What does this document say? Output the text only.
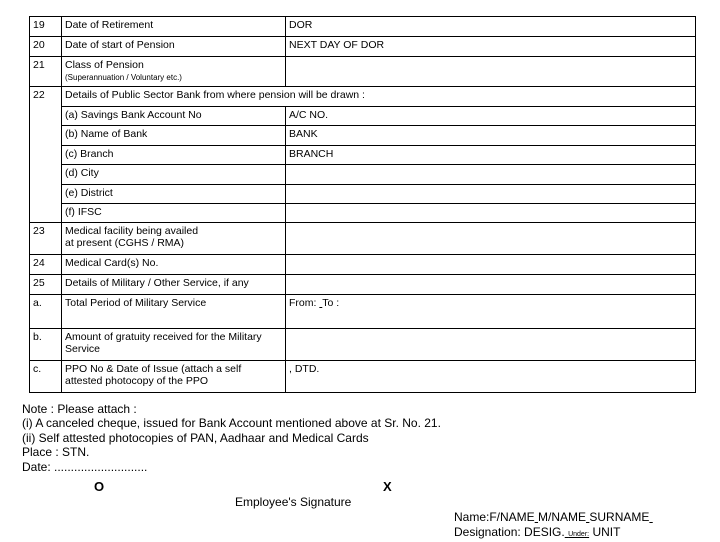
19	Date of Retirement	DOR
20	Date of start of Pension	NEXT DAY OF DOR
21	Class of Pension
(Superannuation / Voluntary etc.)	

22	Details of Public Sector Bank from where pension will be drawn :	
	(a) Savings Bank Account No	A/C NO.
	(b) Name of Bank	BANK
	(c) Branch	BRANCH
	(d) City	
	(e) District	
	(f) IFSC	
23	Medical facility being availed
at present (CGHS / RMA)	

24	Medical Card(s) No.	
25	Details of Military / Other Service, if any	
a.	Total Period of Military Service	From:  To :
b.	Amount of gratuity received for the Military
Service	

c.	PPO No & Date of Issue (attach a self
attested photocopy of the PPO	, DTD.
Note : Please attach :
(i) A canceled cheque, issued for Bank Account mentioned above at Sr. No. 21.
(ii) Self attested photocopies of PAN, Aadhaar and Medical Cards
Place : STN.
Date: ............................
O	X
Employee's Signature
Name:F/NAME M/NAME SURNAME
Designation: DESIG. Under: UNIT
